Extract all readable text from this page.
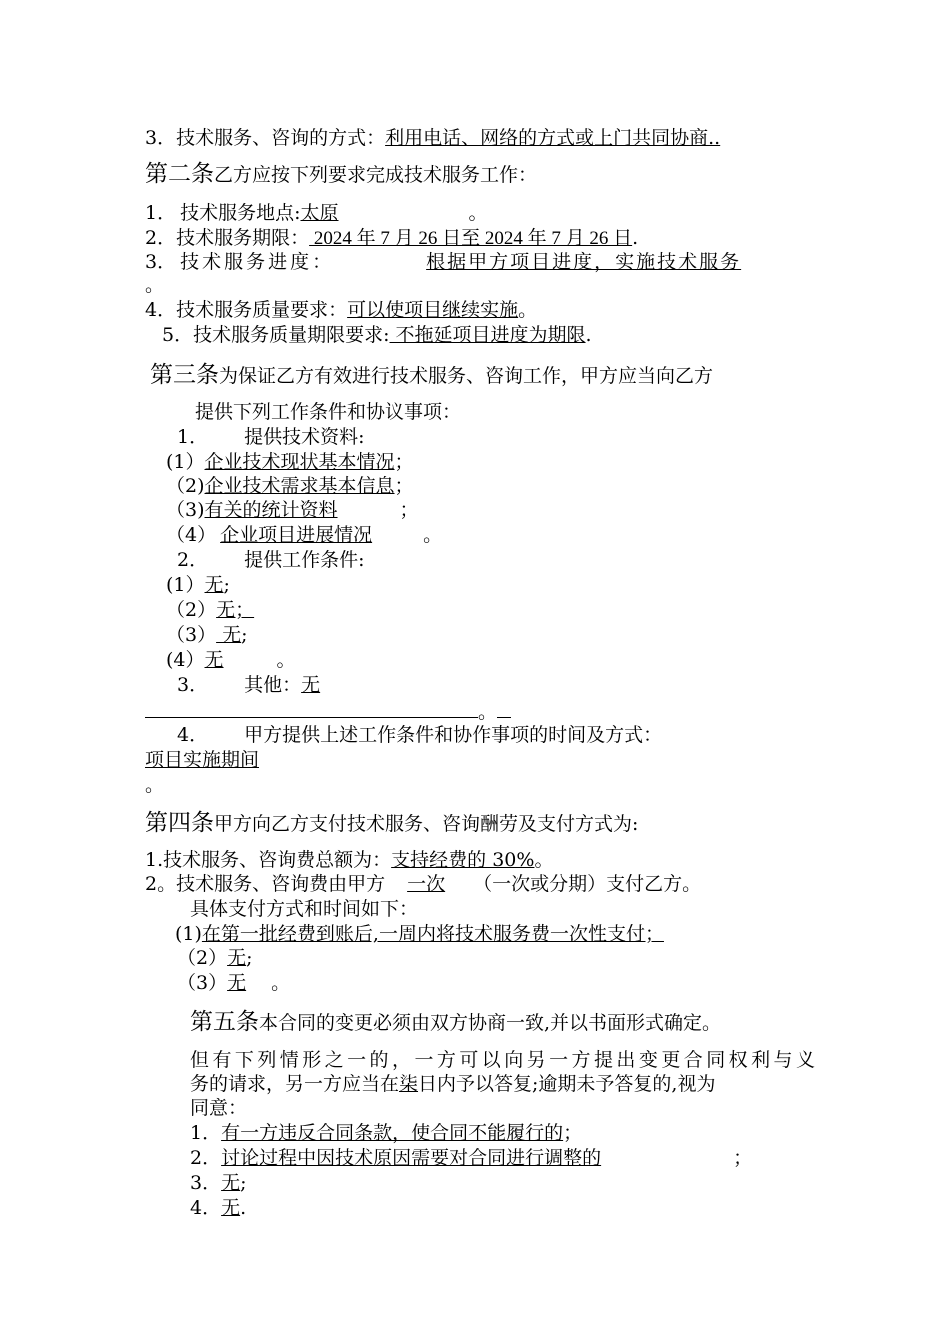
3．技术服务、咨询的方式：利用电话、网络的方式或上门共同协商..
第二条乙方应按下列要求完成技术服务工作：
1． 技术服务地点:太原	。
2．技术服务期限： 2024 年 7 月 26 日至 2024 年 7 月 26 日.
3． 技术服务进度：	根据甲方项目进度，实施技术服务
。
4．技术服务质量要求：可以使项目继续实施。
5．技术服务质量期限要求: 不拖延项目进度为期限.
第三条为保证乙方有效进行技术服务、咨询工作，甲方应当向乙方
提供下列工作条件和协议事项：
1． 提供技术资料:
(1）企业技术现状基本情况；
（2)企业技术需求基本信息；
（3)有关的统计资料	；
（4） 企业项目进展情况	。
2． 提供工作条件:
(1）无;
（2）无；
（3） 无;
(4）无	。
3． 其他：无
。
4． 甲方提供上述工作条件和协作事项的时间及方式：
项目实施期间
。
第四条甲方向乙方支付技术服务、咨询酬劳及支付方式为:
1.技术服务、咨询费总额为：支持经费的 30%。
2。技术服务、咨询费由甲方 一次 （一次或分期）支付乙方。
具体支付方式和时间如下：
(1)在第一批经费到账后,一周内将技术服务费一次性支付；
（2）无;
（3）无 。
第五条本合同的变更必须由双方协商一致,并以书面形式确定。
但有下列情形之一的，一方可以向另一方提出变更合同权利与义
务的请求，另一方应当在柒日内予以答复;逾期未予答复的,视为
同意：
1．有一方违反合同条款，使合同不能履行的；
2．讨论过程中因技术原因需要对合同进行调整的	；
3．无;
4．无.
